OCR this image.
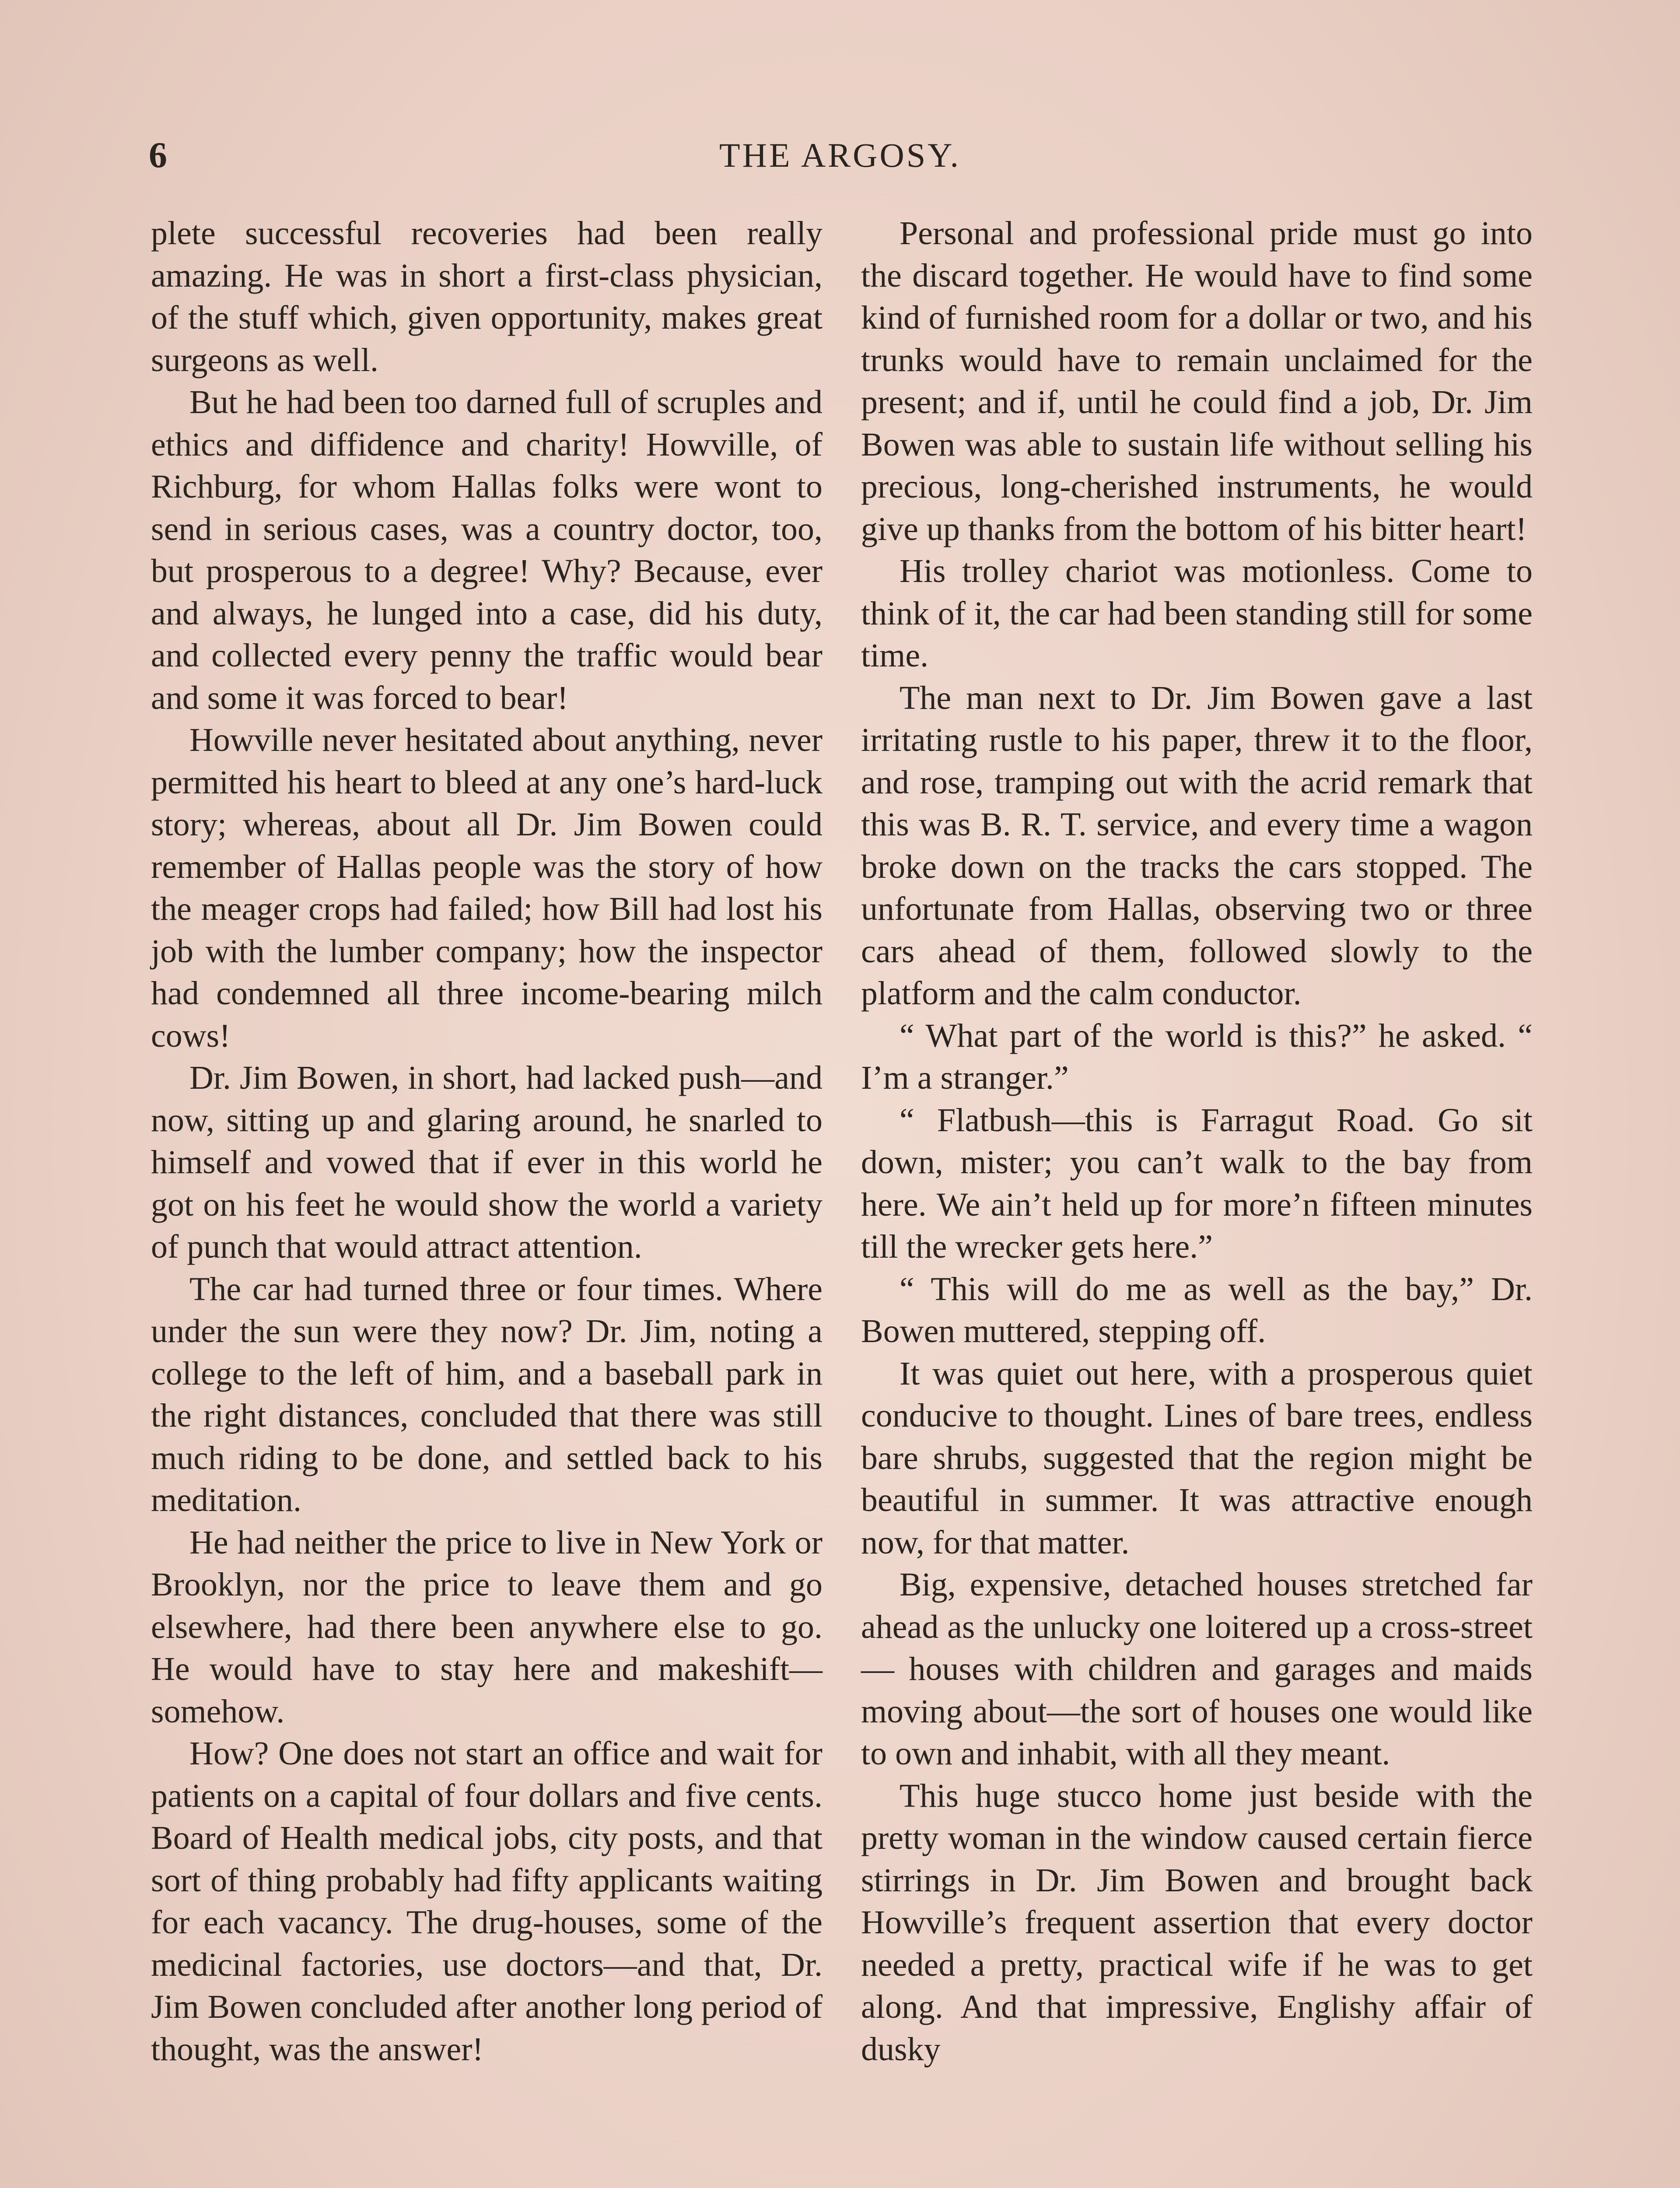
6	THE ARGOSY.

plete successful recoveries had been really amazing. He was in short a first-class physician, of the stuff which, given opportunity, makes great surgeons as well.

But he had been too darned full of scruples and ethics and diffidence and charity! Howville, of Richburg, for whom Hallas folks were wont to send in serious cases, was a country doctor, too, but prosperous to a degree! Why? Because, ever and always, he lunged into a case, did his duty, and collected every penny the traffic would bear and some it was forced to bear!

Howville never hesitated about anything, never permitted his heart to bleed at any one’s hard-luck story; whereas, about all Dr. Jim Bowen could remember of Hallas people was the story of how the meager crops had failed; how Bill had lost his job with the lumber company; how the inspector had condemned all three income-bearing milch cows!

Dr. Jim Bowen, in short, had lacked push—and now, sitting up and glaring around, he snarled to himself and vowed that if ever in this world he got on his feet he would show the world a variety of punch that would attract attention.

The car had turned three or four times. Where under the sun were they now? Dr. Jim, noting a college to the left of him, and a baseball park in the right distances, concluded that there was still much riding to be done, and settled back to his meditation.

He had neither the price to live in New York or Brooklyn, nor the price to leave them and go elsewhere, had there been anywhere else to go. He would have to stay here and makeshift—somehow.

How? One does not start an office and wait for patients on a capital of four dollars and five cents. Board of Health medical jobs, city posts, and that sort of thing probably had fifty applicants waiting for each vacancy. The drug-houses, some of the medicinal factories, use doctors—and that, Dr. Jim Bowen concluded after another long period of thought, was the answer!

Personal and professional pride must go into the discard together. He would have to find some kind of furnished room for a dollar or two, and his trunks would have to remain unclaimed for the present; and if, until he could find a job, Dr. Jim Bowen was able to sustain life without selling his precious, long-cherished instruments, he would give up thanks from the bottom of his bitter heart!

His trolley chariot was motionless. Come to think of it, the car had been standing still for some time.

The man next to Dr. Jim Bowen gave a last irritating rustle to his paper, threw it to the floor, and rose, tramping out with the acrid remark that this was B. R. T. service, and every time a wagon broke down on the tracks the cars stopped. The unfortunate from Hallas, observing two or three cars ahead of them, followed slowly to the platform and the calm conductor.

“ What part of the world is this?” he asked. “ I’m a stranger.”

“ Flatbush—this is Farragut Road. Go sit down, mister; you can’t walk to the bay from here. We ain’t held up for more’n fifteen minutes till the wrecker gets here.”

“ This will do me as well as the bay,” Dr. Bowen muttered, stepping off.

It was quiet out here, with a prosperous quiet conducive to thought. Lines of bare trees, endless bare shrubs, suggested that the region might be beautiful in summer. It was attractive enough now, for that matter.

Big, expensive, detached houses stretched far ahead as the unlucky one loitered up a cross-street — houses with children and garages and maids moving about—the sort of houses one would like to own and inhabit, with all they meant.

This huge stucco home just beside with the pretty woman in the window caused certain fierce stirrings in Dr. Jim Bowen and brought back Howville’s frequent assertion that every doctor needed a pretty, practical wife if he was to get along. And that impressive, Englishy affair of dusky
